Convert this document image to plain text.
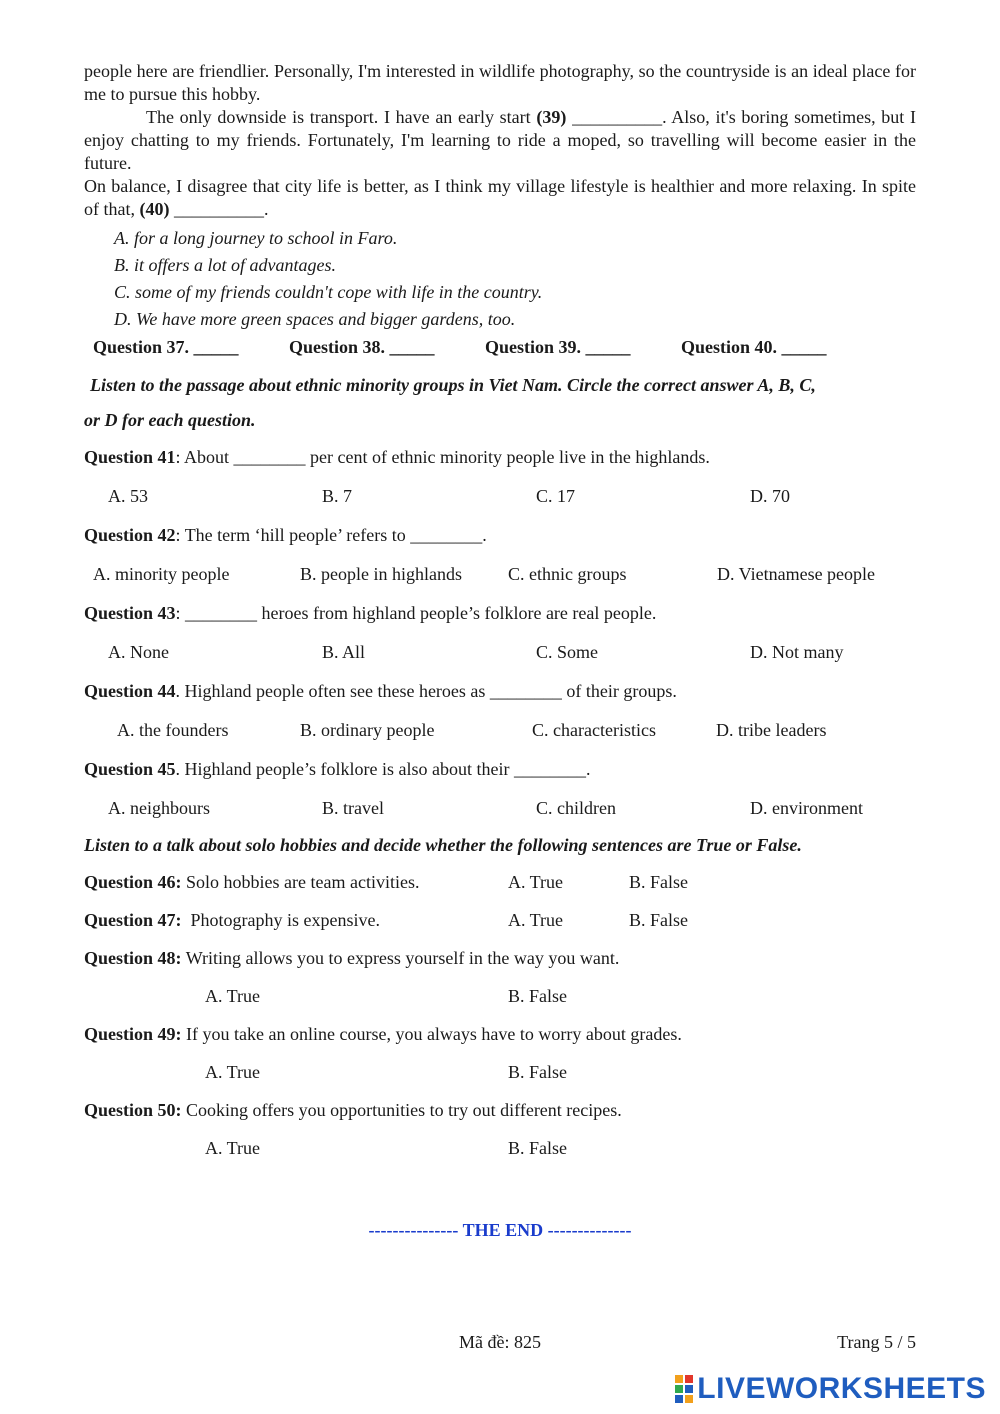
people here are friendlier. Personally, I'm interested in wildlife photography, so the countryside is an ideal place for me to pursue this hobby.

The only downside is transport. I have an early start (39) __________. Also, it's boring sometimes, but I enjoy chatting to my friends. Fortunately, I'm learning to ride a moped, so travelling will become easier in the future.

On balance, I disagree that city life is better, as I think my village lifestyle is healthier and more relaxing. In spite of that, (40) __________.

A. for a long journey to school in Faro.
B. it offers a lot of advantages.
C. some of my friends couldn't cope with life in the country.
D. We have more green spaces and bigger gardens, too.
Question 37. _____	Question 38. _____	Question 39. _____	Question 40. _____
Listen to the passage about ethnic minority groups in Viet Nam. Circle the correct answer A, B, C,
or D for each question.

Question 41: About ________ per cent of ethnic minority people live in the highlands.

A. 53	B. 7	C. 17	D. 70

Question 42: The term ‘hill people’ refers to ________.

A. minority people	B. people in highlands	C. ethnic groups	D. Vietnamese people

Question 43: ________ heroes from highland people’s folklore are real people.

A. None	B. All	C. Some	D. Not many

Question 44. Highland people often see these heroes as ________ of their groups.

A. the founders	B. ordinary people	C. characteristics	D. tribe leaders

Question 45. Highland people’s folklore is also about their ________.

A. neighbours	B. travel	C. children	D. environment
Listen to a talk about solo hobbies and decide whether the following sentences are True or False.
Question 46: Solo hobbies are team activities.	A. True	B. False
Question 47:  Photography is expensive.	A. True	B. False

Question 48: Writing allows you to express yourself in the way you want.

A. True	B. False

Question 49: If you take an online course, you always have to worry about grades.

A. True	B. False

Question 50: Cooking offers you opportunities to try out different recipes.

A. True	B. False
--------------- THE END --------------
Mã đề: 825	Trang 5 / 5
LIVEWORKSHEETS
